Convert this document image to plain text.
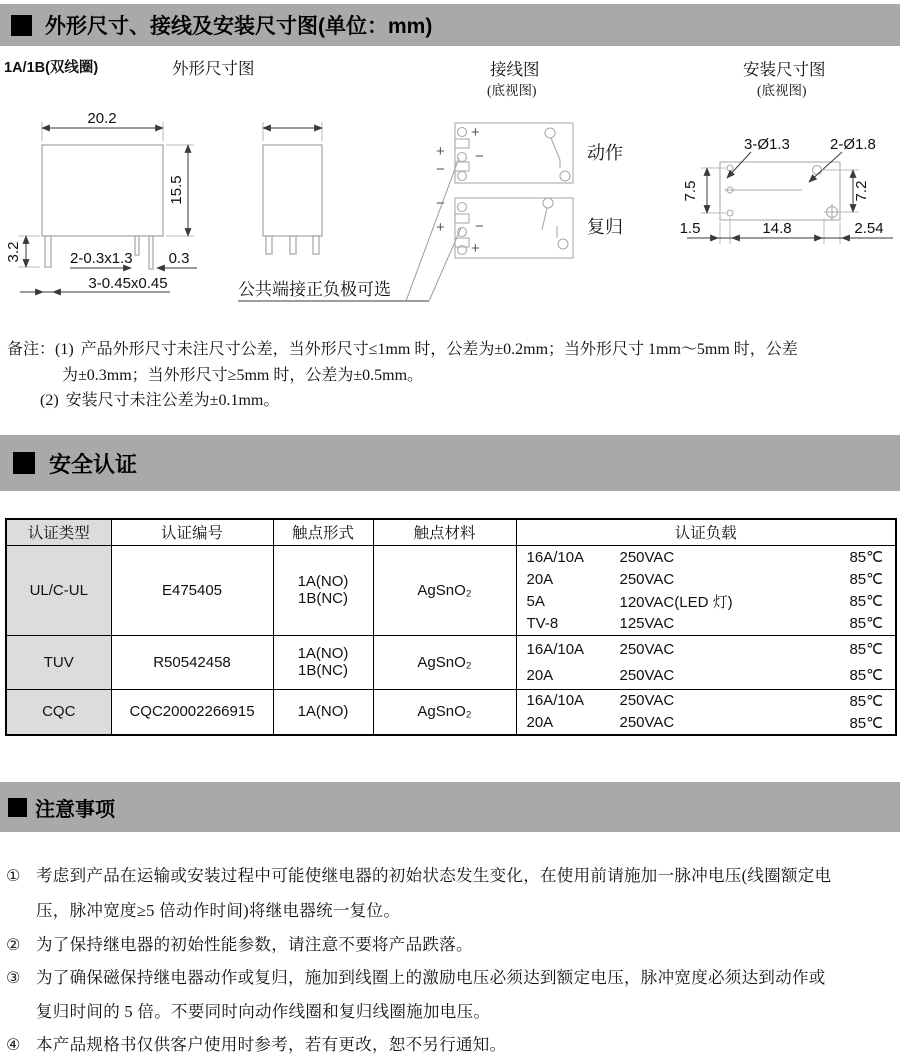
外形尺寸、接线及安装尺寸图(单位：mm)
1A/1B(双线圈)	外形尺寸图	接线图
(底视图)
安装尺寸图
(底视图)
20.2
15.5
3.2	2-0.3x1.3 0.3
3-0.45x0.45	公共端接正负极可选
+
−
+
−	动作
−
+ −
+
复归
3-Ø1.3	2-Ø1.8
7.5	7.2
1.5	14.8	2.54
备注：(1) 产品外形尺寸未注尺寸公差，当外形尺寸≤1mm 时，公差为±0.2mm；当外形尺寸 1mm～5mm 时，公差
为±0.3mm；当外形尺寸≥5mm 时，公差为±0.5mm。
(2) 安装尺寸未注公差为±0.1mm。
安全认证
认证类型	认证编号	触点形式	触点材料	认证负载
UL/C-UL	E475405	1A(NO)
1B(NC)	AgSnO₂	
16A/10A	250VAC	85℃
20A	250VAC	85℃
5A	120VAC(LED 灯)	85℃
TV-8	125VAC	85℃

TUV	R50542458	1A(NO)
1B(NC)	AgSnO₂	
16A/10A	250VAC	85℃
20A	250VAC	85℃

CQC	CQC20002266915	1A(NO)	AgSnO₂	
16A/10A	250VAC	85℃
20A	250VAC	85℃
注意事项
① 考虑到产品在运输或安装过程中可能使继电器的初始状态发生变化，在使用前请施加一脉冲电压(线圈额定电
压，脉冲宽度≥5 倍动作时间)将继电器统一复位。
② 为了保持继电器的初始性能参数，请注意不要将产品跌落。
③ 为了确保磁保持继电器动作或复归，施加到线圈上的激励电压必须达到额定电压，脉冲宽度必须达到动作或
复归时间的 5 倍。不要同时向动作线圈和复归线圈施加电压。
④ 本产品规格书仅供客户使用时参考，若有更改，恕不另行通知。
